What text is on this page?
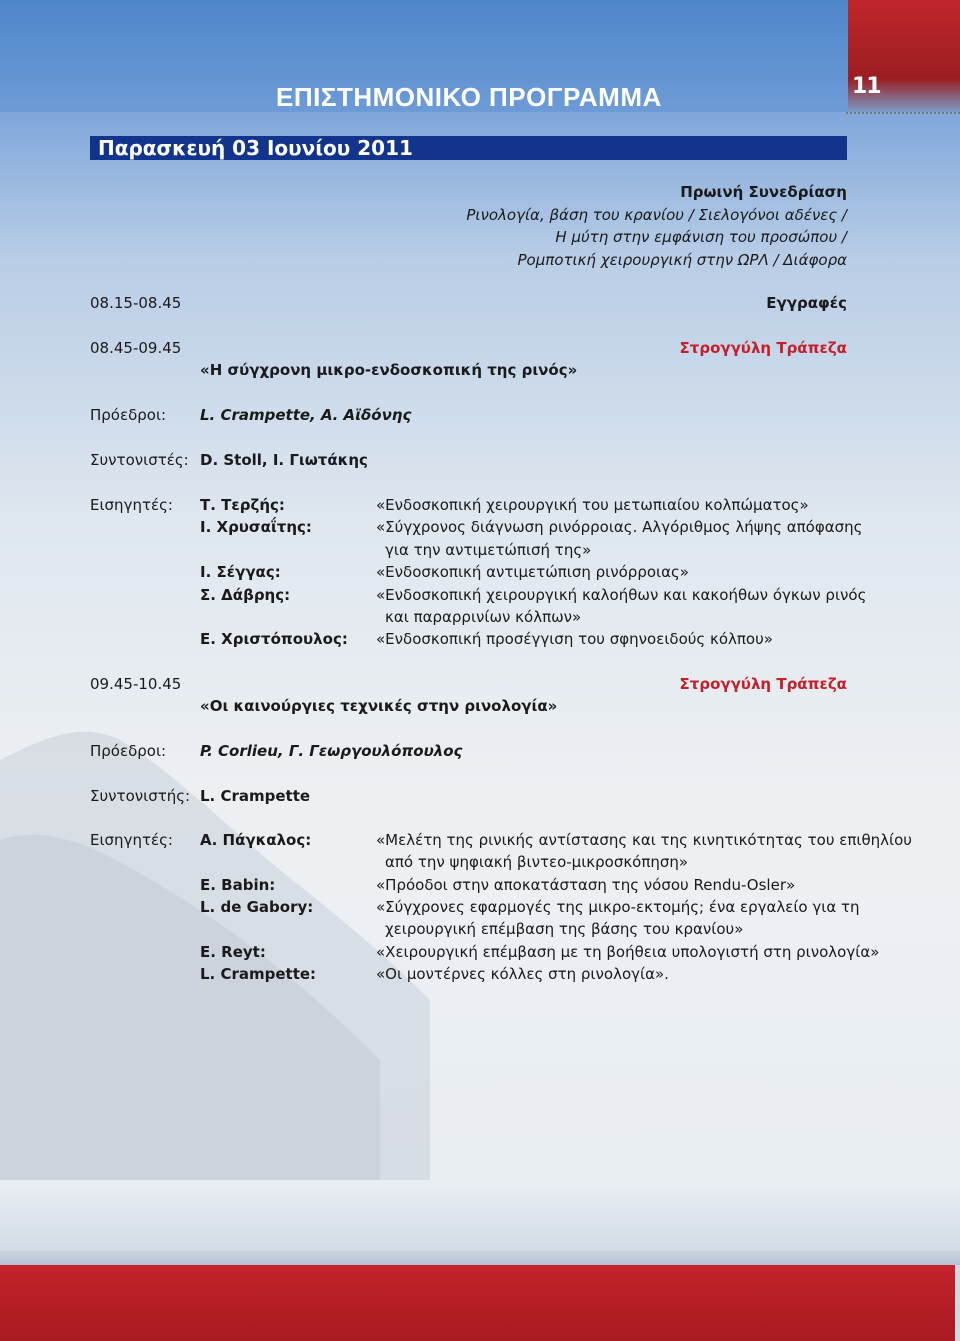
11
ΕΠΙΣΤΗΜΟΝΙΚΟ ΠΡΟΓΡΑΜΜΑ
Παρασκευή 03 Ιουνίου 2011
Πρωινή Συνεδρίαση
Ρινολογία, βάση του κρανίου / Σιελογόνοι αδένες /
Η μύτη στην εμφάνιση του προσώπου /
Ρομποτική χειρουργική στην ΩΡΛ / Διάφορα
08.15-08.45	Εγγραφές
08.45-09.45	Στρογγύλη Τράπεζα
«Η σύγχρονη μικρο-ενδοσκοπική της ρινός»
Πρόεδροι: L. Crampette, Α. Αϊδόνης
Συντονιστές: D. Stoll, Ι. Γιωτάκης
Εισηγητές: Τ. Τερζής:	«Ενδοσκοπική χειρουργική του μετωπιαίου κολπώματος»
Ι. Χρυσαΐτης:	«Σύγχρονος διάγνωση ρινόρροιας. Αλγόριθμος λήψης απόφασης
για την αντιμετώπισή της»
Ι. Σέγγας:	«Ενδοσκοπική αντιμετώπιση ρινόρροιας»
Σ. Δάβρης:	«Ενδοσκοπική χειρουργική καλοήθων και κακοήθων όγκων ρινός
και παραρρινίων κόλπων»
Ε. Χριστόπουλος: «Ενδοσκοπική προσέγγιση του σφηνοειδούς κόλπου»
09.45-10.45	Στρογγύλη Τράπεζα
«Οι καινούργιες τεχνικές στην ρινολογία»
Πρόεδροι: P. Corlieu, Γ. Γεωργουλόπουλος
Συντονιστής: L. Crampette
Εισηγητές: Α. Πάγκαλος:	«Μελέτη της ρινικής αντίστασης και της κινητικότητας του επιθηλίου
από την ψηφιακή βιντεο-μικροσκόπηση»
E. Babin:	«Πρόοδοι στην αποκατάσταση της νόσου Rendu-Osler»
L. de Gabory:	«Σύγχρονες εφαρμογές της μικρο-εκτομής; ένα εργαλείο για τη
χειρουργική επέμβαση της βάσης του κρανίου»
E. Reyt:	«Χειρουργική επέμβαση με τη βοήθεια υπολογιστή στη ρινολογία»
L. Crampette:	«Οι μοντέρνες κόλλες στη ρινολογία».
